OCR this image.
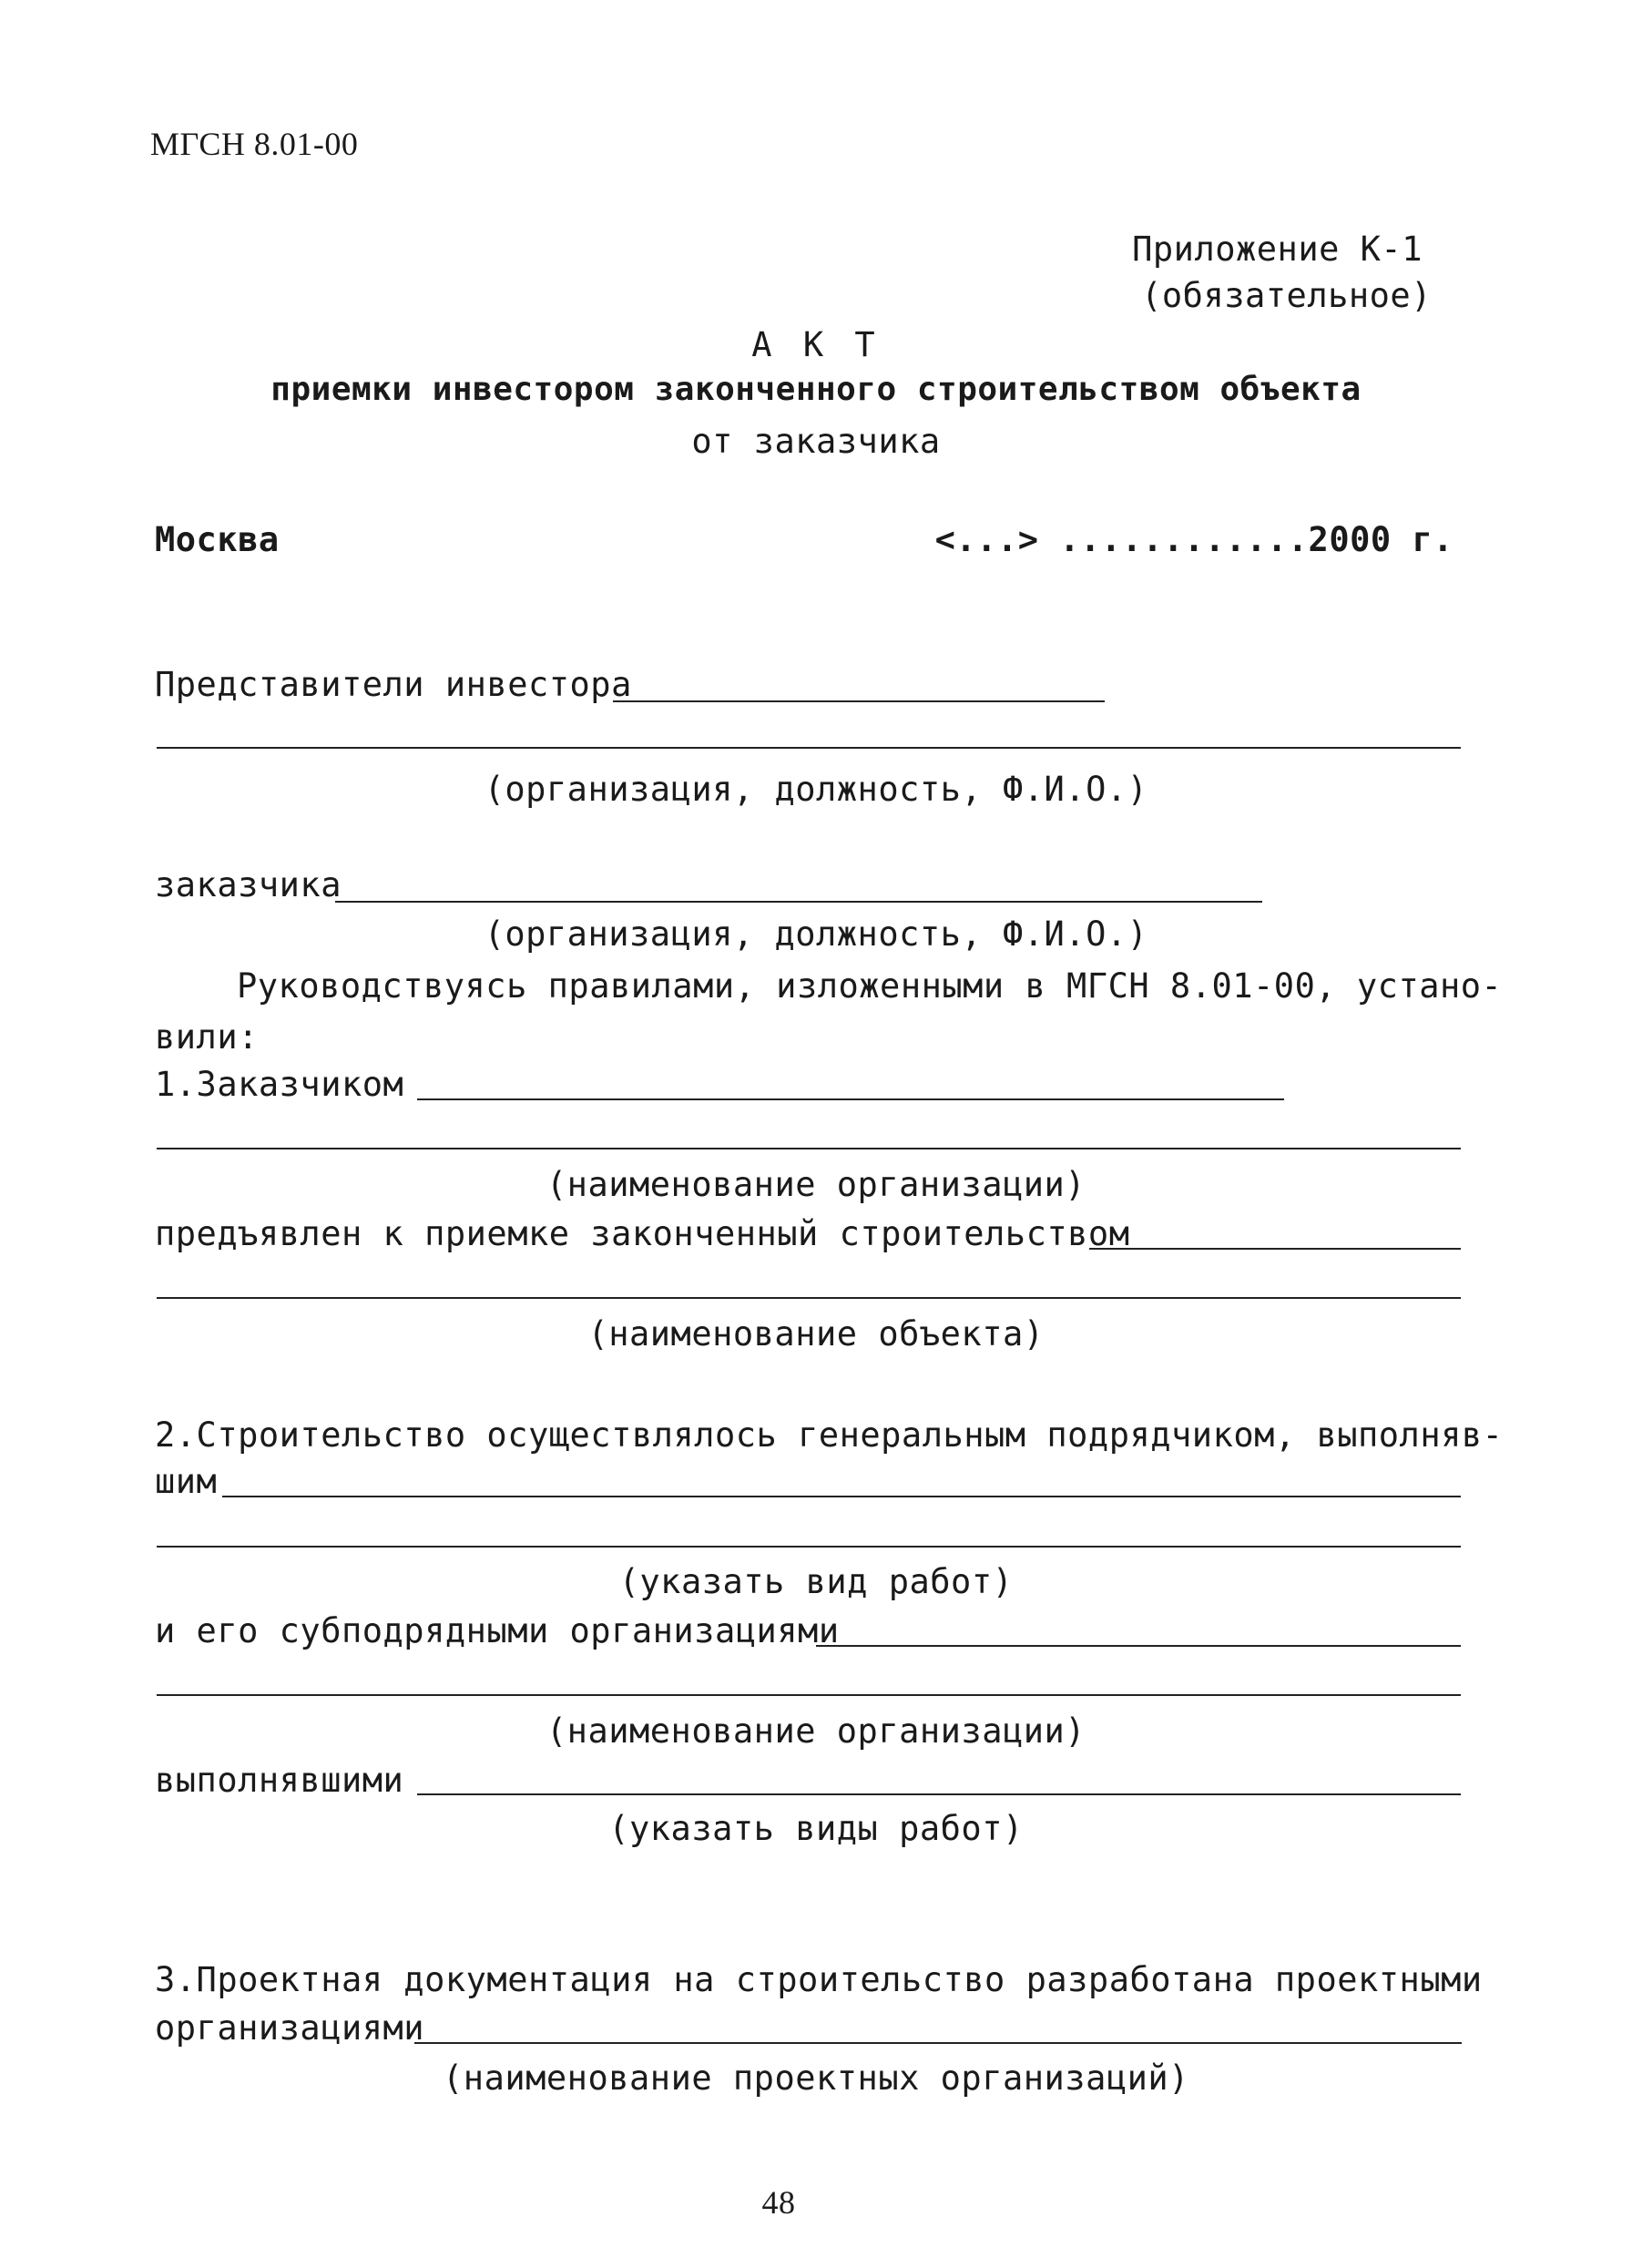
МГСН 8.01-00
Приложение К-1
(обязательное)
А К Т
приемки инвестором законченного строительством объекта
от заказчика
Москва	<...> ............2000 г.
Представители инвестора
(организация, должность, Ф.И.О.)
заказчика
(организация, должность, Ф.И.О.)
Руководствуясь правилами, изложенными в МГСН 8.01-00, устано-
вили:
1.Заказчиком
(наименование организации)
предъявлен к приемке законченный строительством
(наименование объекта)
2.Строительство осуществлялось генеральным подрядчиком, выполняв-
шим
(указать вид работ)
и его субподрядными организациями
(наименование организации)
выполнявшими
(указать виды работ)
3.Проектная документация на строительство разработана проектными
организациями
(наименование проектных организаций)
48
